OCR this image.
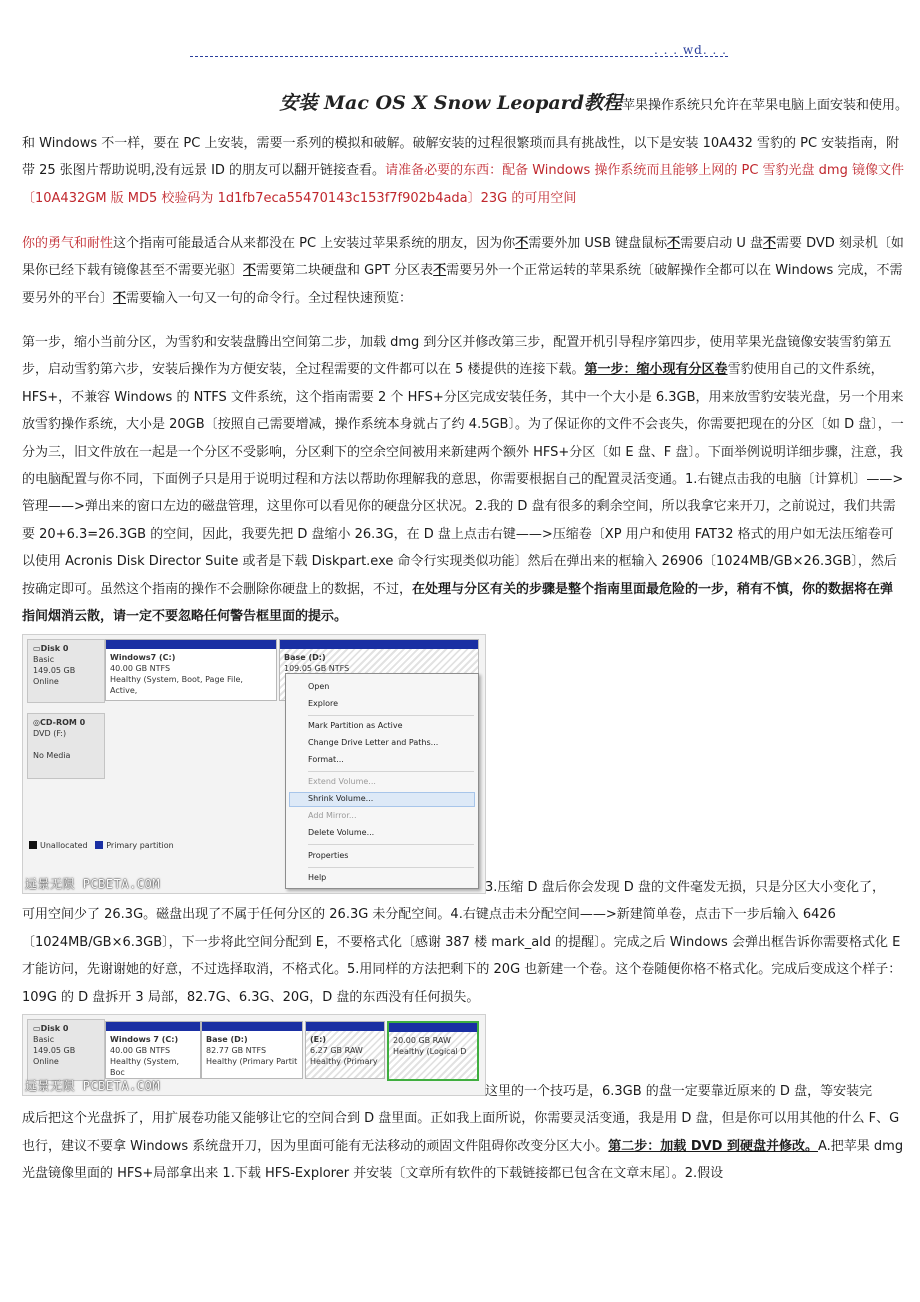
. . . wd. . .
安装 Mac OS X Snow Leopard教程苹果操作系统只允许在苹果电脑上面安装和使用。
和 Windows 不一样，要在 PC 上安装，需要一系列的模拟和破解。破解安装的过程很繁琐而具有挑战性，以下是安装 10A432 雪豹的 PC 安装指南，附带 25 张图片帮助说明,没有远景 ID 的朋友可以翻开链接查看。请准备必要的东西：配备 Windows 操作系统而且能够上网的 PC 雪豹光盘 dmg 镜像文件〔10A432GM 版 MD5 校验码为 1d1fb7eca55470143c153f7f902b4ada〕23G 的可用空间
你的勇气和耐性这个指南可能最适合从来都没在 PC 上安装过苹果系统的朋友，因为你不需要外加 USB 键盘鼠标不需要启动 U 盘不需要 DVD 刻录机〔如果你已经下载有镜像甚至不需要光驱〕不需要第二块硬盘和 GPT 分区表不需要另外一个正常运转的苹果系统〔破解操作全都可以在 Windows 完成，不需要另外的平台〕不需要输入一句又一句的命令行。全过程快速预览：
第一步，缩小当前分区，为雪豹和安装盘腾出空间第二步，加载 dmg 到分区并修改第三步，配置开机引导程序第四步，使用苹果光盘镜像安装雪豹第五步，启动雪豹第六步，安装后操作为方便安装，全过程需要的文件都可以在 5 楼提供的连接下载。第一步：缩小现有分区卷雪豹使用自己的文件系统，HFS+，不兼容 Windows 的 NTFS 文件系统，这个指南需要 2 个 HFS+分区完成安装任务，其中一个大小是 6.3GB，用来放雪豹安装光盘，另一个用来放雪豹操作系统，大小是 20GB〔按照自己需要增减，操作系统本身就占了约 4.5GB〕。为了保证你的文件不会丧失，你需要把现在的分区〔如 D 盘〕，一分为三，旧文件放在一起是一个分区不受影响，分区剩下的空余空间被用来新建两个额外 HFS+分区〔如 E 盘、F 盘〕。下面举例说明详细步骤，注意，我的电脑配置与你不同，下面例子只是用于说明过程和方法以帮助你理解我的意思，你需要根据自己的配置灵活变通。1.右键点击我的电脑〔计算机〕——>管理——>弹出来的窗口左边的磁盘管理，这里你可以看见你的硬盘分区状况。2.我的 D 盘有很多的剩余空间，所以我拿它来开刀，之前说过，我们共需要 20+6.3=26.3GB 的空间，因此，我要先把 D 盘缩小 26.3G，在 D 盘上点击右键——>压缩卷〔XP 用户和使用 FAT32 格式的用户如无法压缩卷可以使用 Acronis Disk Director Suite 或者是下载 Diskpart.exe 命令行实现类似功能〕然后在弹出来的框输入 26906〔1024MB/GB×26.3GB〕，然后按确定即可。虽然这个指南的操作不会删除你硬盘上的数据，不过，在处理与分区有关的步骤是整个指南里面最危险的一步，稍有不慎，你的数据将在弹指间烟消云散，请一定不要忽略任何警告框里面的提示。
▭Disk 0
Basic
149.05 GB
Online
Windows7 (C:)
40.00 GB NTFS
Healthy (System, Boot, Page File, Active,
Base (D:)
109.05 GB NTFS
◎CD-ROM 0
DVD (F:)

No Media
Open
Explore
Mark Partition as Active
Change Drive Letter and Paths...
Format...
Extend Volume...
Shrink Volume...
Add Mirror...
Delete Volume...
Properties
Help
Unallocated Primary partition
远景无限 PCBETA.COM	3.压缩 D 盘后你会发现 D 盘的文件毫发无损，只是分区大小变化了，
可用空间少了 26.3G。磁盘出现了不属于任何分区的 26.3G 未分配空间。4.右键点击未分配空间——>新建简单卷，点击下一步后输入 6426〔1024MB/GB×6.3GB〕，下一步将此空间分配到 E，不要格式化〔感谢 387 楼 mark_ald 的提醒〕。完成之后 Windows 会弹出框告诉你需要格式化 E 才能访问，先谢谢她的好意，不过选择取消，不格式化。5.用同样的方法把剩下的 20G 也新建一个卷。这个卷随便你格不格式化。完成后变成这个样子：109G 的 D 盘拆开 3 局部，82.7G、6.3G、20G，D 盘的东西没有任何损失。
▭Disk 0
Basic
149.05 GB
Online
Windows 7 (C:)
40.00 GB NTFS
Healthy (System, Boc
Base (D:)
82.77 GB NTFS
Healthy (Primary Partit
(E:)
6.27 GB RAW
Healthy (Primary
20.00 GB RAW
Healthy (Logical D
远景无限 PCBETA.COM	这里的一个技巧是，6.3GB 的盘一定要靠近原来的 D 盘，等安装完
成后把这个光盘拆了，用扩展卷功能又能够让它的空间合到 D 盘里面。正如我上面所说，你需要灵活变通，我是用 D 盘，但是你可以用其他的什么 F、G 也行，建议不要拿 Windows 系统盘开刀，因为里面可能有无法移动的顽固文件阻碍你改变分区大小。第二步：加载 DVD 到硬盘并修改。A.把苹果 dmg 光盘镜像里面的 HFS+局部拿出来 1.下载 HFS-Explorer 并安装〔文章所有软件的下载链接都已包含在文章末尾〕。2.假设
